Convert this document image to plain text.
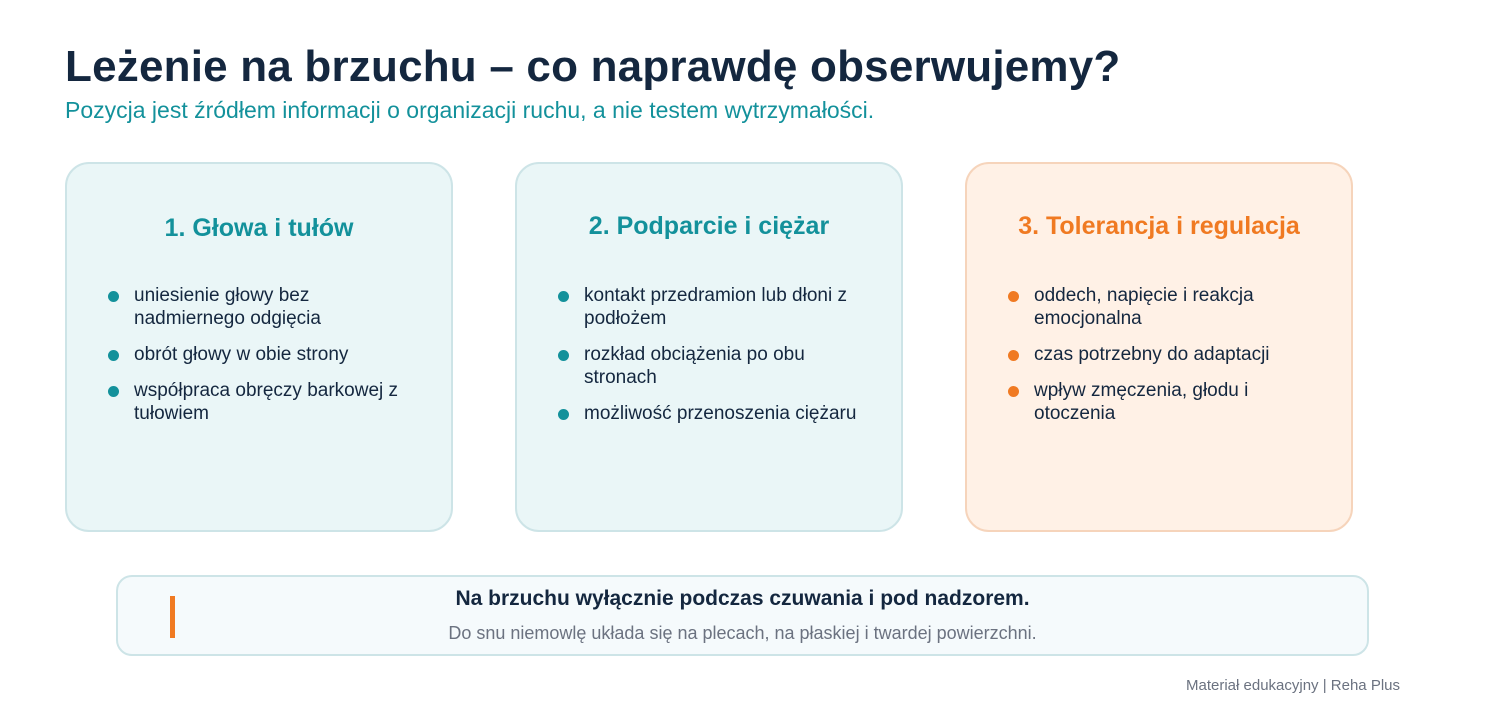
Leżenie na brzuchu – co naprawdę obserwujemy?

Pozycja jest źródłem informacji o organizacji ruchu, a nie testem wytrzymałości.

1. Głowa i tułów
uniesienie głowy bez nadmiernego odgięcia
obrót głowy w obie strony
współpraca obręczy barkowej z tułowiem
2. Podparcie i ciężar
kontakt przedramion lub dłoni z podłożem
rozkład obciążenia po obu stronach
możliwość przenoszenia ciężaru
3. Tolerancja i regulacja
oddech, napięcie i reakcja emocjonalna
czas potrzebny do adaptacji
wpływ zmęczenia, głodu i otoczenia

Na brzuchu wyłącznie podczas czuwania i pod nadzorem.

Do snu niemowlę układa się na plecach, na płaskiej i twardej powierzchni.

Materiał edukacyjny | Reha Plus
